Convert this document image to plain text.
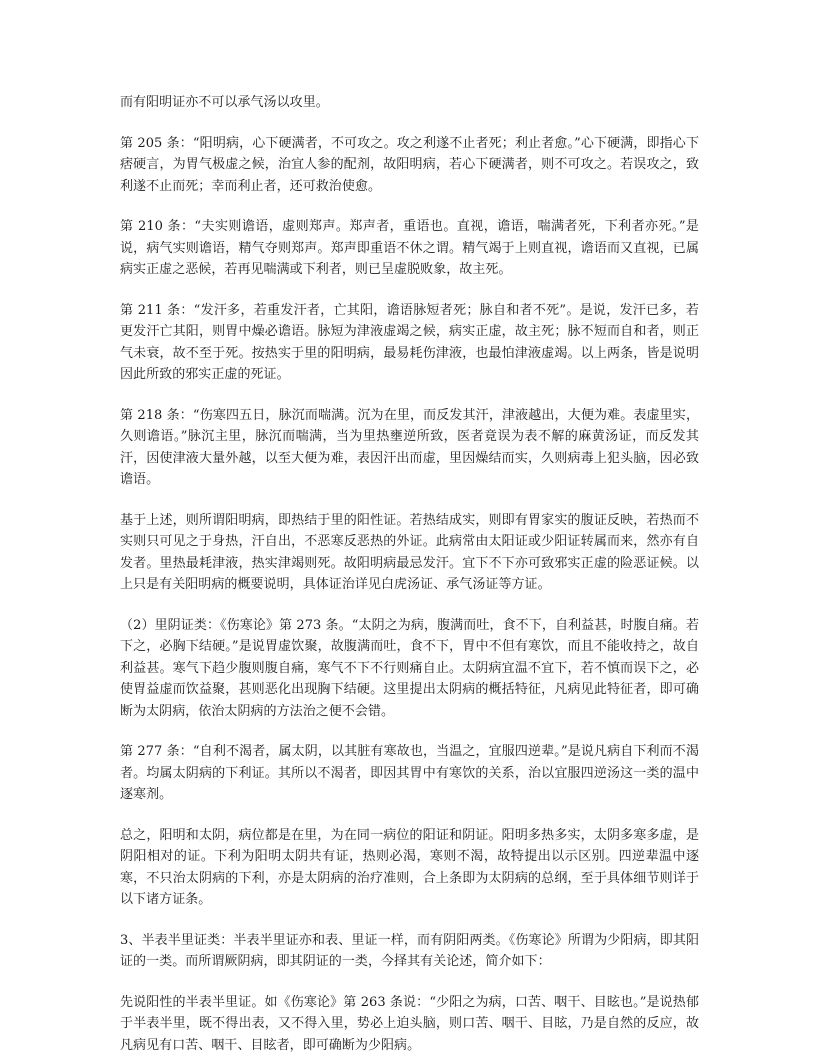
而有阳明证亦不可以承气汤以攻里。

第 205 条：“阳明病，心下硬满者，不可攻之。攻之利遂不止者死；利止者愈。”心下硬满，即指心下痞硬言，为胃气极虚之候，治宜人参的配剂，故阳明病，若心下硬满者，则不可攻之。若误攻之，致利遂不止而死；幸而利止者，还可救治使愈。

第 210 条：“夫实则谵语，虚则郑声。郑声者，重语也。直视，谵语，喘满者死，下利者亦死。”是说，病气实则谵语，精气夺则郑声。郑声即重语不休之谓。精气竭于上则直视，谵语而又直视，已属病实正虚之恶候，若再见喘满或下利者，则已呈虚脱败象，故主死。

第 211 条：“发汗多，若重发汗者，亡其阳，谵语脉短者死；脉自和者不死”。是说，发汗已多，若更发汗亡其阳，则胃中燥必谵语。脉短为津液虚竭之候，病实正虚，故主死；脉不短而自和者，则正气未衰，故不至于死。按热实于里的阳明病，最易耗伤津液，也最怕津液虚竭。以上两条，皆是说明因此所致的邪实正虚的死证。

第 218 条：“伤寒四五日，脉沉而喘满。沉为在里，而反发其汗，津液越出，大便为难。表虚里实，久则谵语。”脉沉主里，脉沉而喘满，当为里热壅逆所致，医者竟误为表不解的麻黄汤证，而反发其汗，因使津液大量外越，以至大便为难，表因汗出而虚，里因燥结而实，久则病毒上犯头脑，因必致谵语。

基于上述，则所谓阳明病，即热结于里的阳性证。若热结成实，则即有胃家实的腹证反映，若热而不实则只可见之于身热，汗自出，不恶寒反恶热的外证。此病常由太阳证或少阳证转属而来，然亦有自发者。里热最耗津液，热实津竭则死。故阳明病最忌发汗。宜下不下亦可致邪实正虚的险恶证候。以上只是有关阳明病的概要说明，具体证治详见白虎汤证、承气汤证等方证。

（2）里阴证类：《伤寒论》第 273 条。“太阴之为病，腹满而吐，食不下，自利益甚，时腹自痛。若下之，必胸下结硬。”是说胃虚饮聚，故腹满而吐，食不下，胃中不但有寒饮，而且不能收持之，故自利益甚。寒气下趋少腹则腹自痛，寒气不下不行则痛自止。太阴病宜温不宜下，若不慎而误下之，必使胃益虚而饮益聚，甚则恶化出现胸下结硬。这里提出太阴病的概括特征，凡病见此特征者，即可确断为太阴病，依治太阴病的方法治之便不会错。

第 277 条：“自利不渴者，属太阴，以其脏有寒故也，当温之，宜服四逆辈。”是说凡病自下利而不渴者。均属太阴病的下利证。其所以不渴者，即因其胃中有寒饮的关系，治以宜服四逆汤这一类的温中逐寒剂。

总之，阳明和太阴，病位都是在里，为在同一病位的阳证和阴证。阳明多热多实，太阴多寒多虚，是阴阳相对的证。下利为阳明太阴共有证，热则必渴，寒则不渴，故特提出以示区别。四逆辈温中逐寒，不只治太阴病的下利，亦是太阴病的治疗准则，合上条即为太阴病的总纲，至于具体细节则详于以下诸方证条。

3、半表半里证类：半表半里证亦和表、里证一样，而有阴阳两类。《伤寒论》所谓为少阳病，即其阳证的一类。而所谓厥阴病，即其阴证的一类，今择其有关论述，简介如下：

先说阳性的半表半里证。如《伤寒论》第 263 条说：“少阳之为病，口苦、咽干、目眩也。”是说热郁于半表半里，既不得出表，又不得入里，势必上迫头脑，则口苦、咽干、目眩，乃是自然的反应，故凡病见有口苦、咽干、目眩者，即可确断为少阳病。
